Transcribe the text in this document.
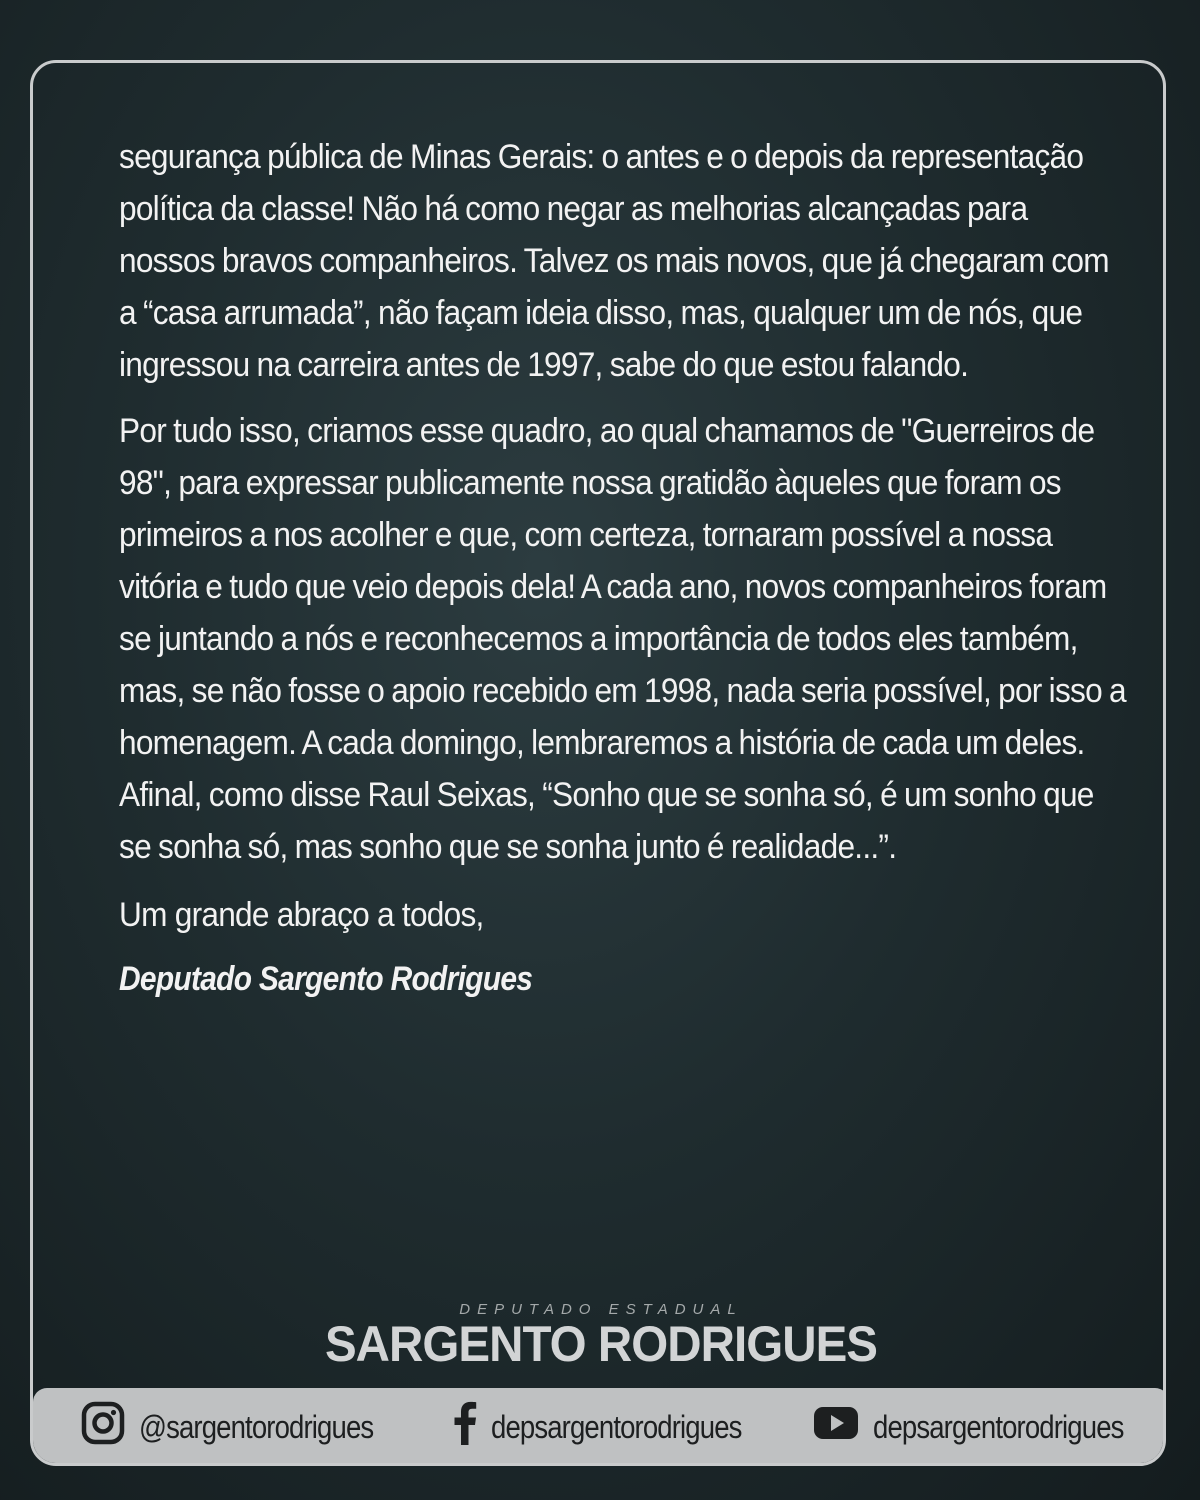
segurança pública de Minas Gerais: o antes e o depois da representação política da classe! Não há como negar as melhorias alcançadas para nossos bravos companheiros. Talvez os mais novos, que já chegaram com a “casa arrumada”, não façam ideia disso, mas, qualquer um de nós, que ingressou na carreira antes de 1997, sabe do que estou falando.

Por tudo isso, criamos esse quadro, ao qual chamamos de "Guerreiros de 98", para expressar publicamente nossa gratidão àqueles que foram os primeiros a nos acolher e que, com certeza, tornaram possível a nossa vitória e tudo que veio depois dela! A cada ano, novos companheiros foram se juntando a nós e reconhecemos a importância de todos eles também, mas, se não fosse o apoio recebido em 1998, nada seria possível, por isso a homenagem. A cada domingo, lembraremos a história de cada um deles. Afinal, como disse Raul Seixas, “Sonho que se sonha só, é um sonho que se sonha só, mas sonho que se sonha junto é realidade...”.

Um grande abraço a todos,

Deputado Sargento Rodrigues

DEPUTADO ESTADUAL
SARGENTO RODRIGUES
@sargentorodrigues	depsargentorodrigues	depsargentorodrigues
